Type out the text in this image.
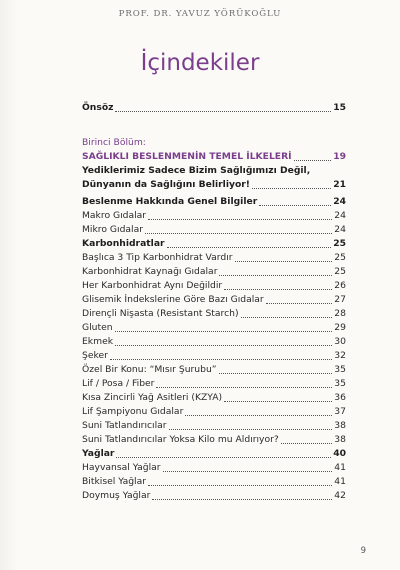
PROF. DR. YAVUZ YÖRÜKOĞLU
İçindekiler
Önsöz	15
Birinci Bölüm:
SAĞLIKLI BESLENMENİN TEMEL İLKELERİ	19
Yediklerimiz Sadece Bizim Sağlığımızı Değil,
Dünyanın da Sağlığını Belirliyor!	21
Beslenme Hakkında Genel Bilgiler	24
Makro Gıdalar	24
Mikro Gıdalar	24
Karbonhidratlar	25
Başlıca 3 Tip Karbonhidrat Vardır	25
Karbonhidrat Kaynağı Gıdalar	25
Her Karbonhidrat Aynı Değildir	26
Glisemik İndekslerine Göre Bazı Gıdalar	27
Dirençli Nişasta (Resistant Starch)	28
Gluten	29
Ekmek	30
Şeker	32
Özel Bir Konu: “Mısır Şurubu”	35
Lif / Posa / Fiber	35
Kısa Zincirli Yağ Asitleri (KZYA)	36
Lif Şampiyonu Gıdalar	37
Suni Tatlandırıcılar	38
Suni Tatlandırıcılar Yoksa Kilo mu Aldırıyor?	38
Yağlar	40
Hayvansal Yağlar	41
Bitkisel Yağlar	41
Doymuş Yağlar	42
9
